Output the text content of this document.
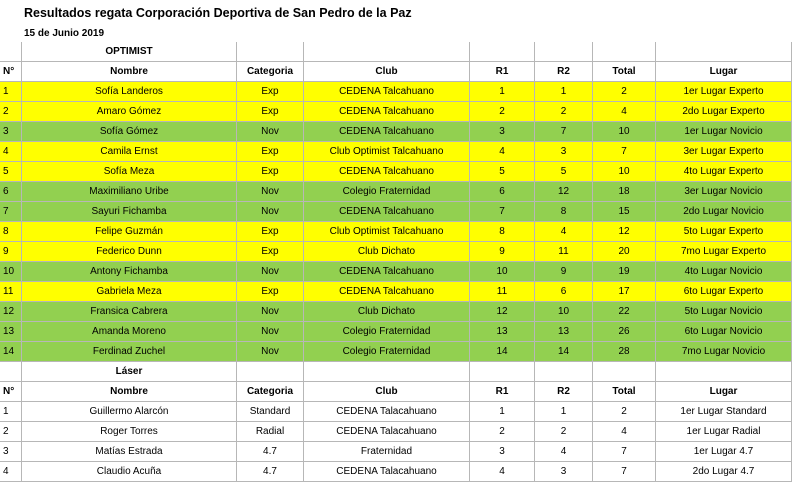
Resultados regata Corporación Deportiva de San Pedro de la Paz
15 de Junio 2019
OPTIMIST
N°	Nombre	Categoria	Club	R1	R2	Total	Lugar
1	Sofía Landeros	Exp	CEDENA Talcahuano	1	1	2	1er Lugar Experto
2	Amaro Gómez	Exp	CEDENA Talcahuano	2	2	4	2do Lugar Experto
3	Sofía Gómez	Nov	CEDENA Talcahuano	3	7	10	1er Lugar Novicio
4	Camila Ernst	Exp	Club Optimist Talcahuano	4	3	7	3er Lugar Experto
5	Sofía Meza	Exp	CEDENA Talcahuano	5	5	10	4to Lugar Experto
6	Maximiliano Uribe	Nov	Colegio Fraternidad	6	12	18	3er Lugar Novicio
7	Sayuri Fichamba	Nov	CEDENA Talcahuano	7	8	15	2do Lugar Novicio
8	Felipe Guzmán	Exp	Club Optimist Talcahuano	8	4	12	5to Lugar Experto
9	Federico Dunn	Exp	Club Dichato	9	11	20	7mo Lugar Experto
10	Antony Fichamba	Nov	CEDENA Talcahuano	10	9	19	4to Lugar Novicio
11	Gabriela Meza	Exp	CEDENA Talcahuano	11	6	17	6to Lugar Experto
12	Fransica Cabrera	Nov	Club Dichato	12	10	22	5to Lugar Novicio
13	Amanda Moreno	Nov	Colegio Fraternidad	13	13	26	6to Lugar Novicio
14	Ferdinad Zuchel	Nov	Colegio Fraternidad	14	14	28	7mo Lugar Novicio
Láser
N°	Nombre	Categoria	Club	R1	R2	Total	Lugar
1	Guillermo Alarcón	Standard	CEDENA Talacahuano	1	1	2	1er Lugar Standard
2	Roger Torres	Radial	CEDENA Talacahuano	2	2	4	1er Lugar Radial
3	Matías Estrada	4.7	Fraternidad	3	4	7	1er Lugar 4.7
4	Claudio Acuña	4.7	CEDENA Talacahuano	4	3	7	2do Lugar 4.7
